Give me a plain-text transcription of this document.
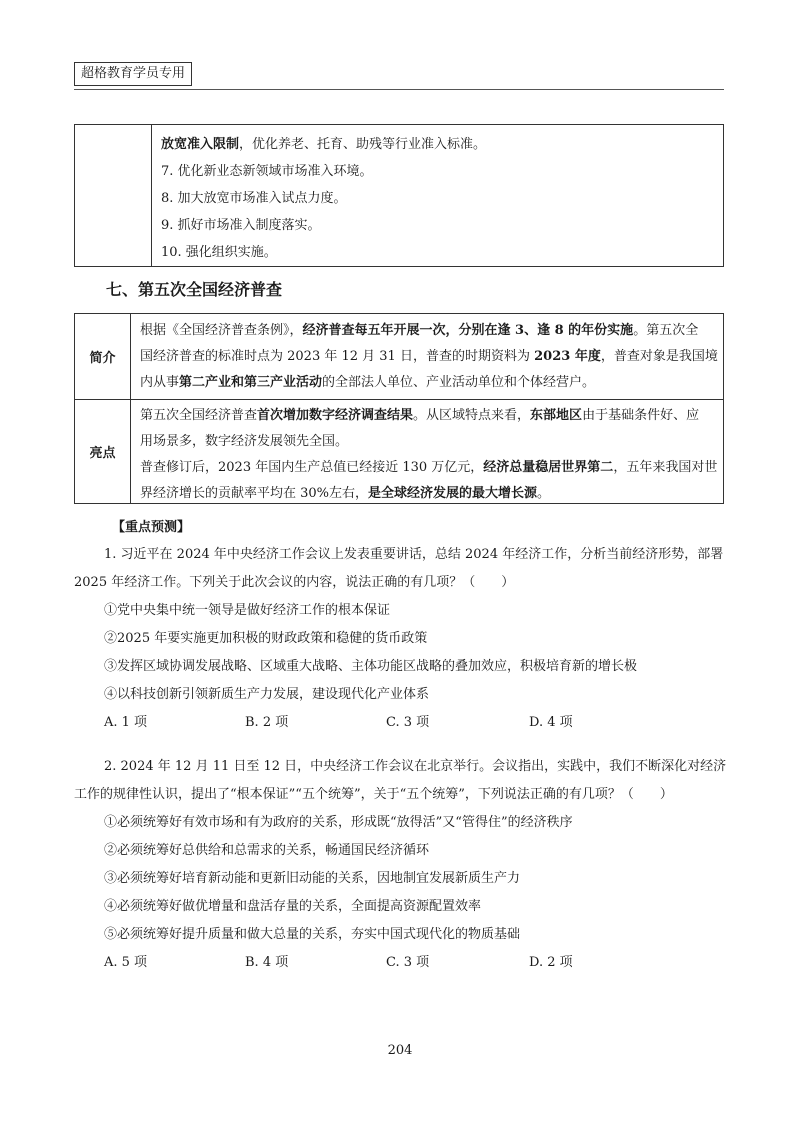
超格教育学员专用
放宽准入限制，优化养老、托育、助残等行业准入标准。
7. 优化新业态新领域市场准入环境。
8. 加大放宽市场准入试点力度。
9. 抓好市场准入制度落实。
10. 强化组织实施。
七、第五次全国经济普查
简介
根据《全国经济普查条例》，经济普查每五年开展一次，分别在逢 3、逢 8 的年份实施。第五次全
国经济普查的标准时点为 2023 年 12 月 31 日，普查的时期资料为 2023 年度，普查对象是我国境
内从事第二产业和第三产业活动的全部法人单位、产业活动单位和个体经营户。
亮点
第五次全国经济普查首次增加数字经济调查结果。从区域特点来看，东部地区由于基础条件好、应
用场景多，数字经济发展领先全国。
普查修订后，2023 年国内生产总值已经接近 130 万亿元，经济总量稳居世界第二，五年来我国对世
界经济增长的贡献率平均在 30%左右，是全球经济发展的最大增长源。
【重点预测】
1. 习近平在 2024 年中央经济工作会议上发表重要讲话，总结 2024 年经济工作，分析当前经济形势，部署
2025 年经济工作。下列关于此次会议的内容，说法正确的有几项？（　　）
①党中央集中统一领导是做好经济工作的根本保证
②2025 年要实施更加积极的财政政策和稳健的货币政策
③发挥区域协调发展战略、区域重大战略、主体功能区战略的叠加效应，积极培育新的增长极
④以科技创新引领新质生产力发展，建设现代化产业体系
A. 1 项	B. 2 项	C. 3 项	D. 4 项
2. 2024 年 12 月 11 日至 12 日，中央经济工作会议在北京举行。会议指出，实践中，我们不断深化对经济
工作的规律性认识，提出了“根本保证”“五个统筹”，关于“五个统筹”，下列说法正确的有几项？（　　）
①必须统筹好有效市场和有为政府的关系，形成既“放得活”又“管得住”的经济秩序
②必须统筹好总供给和总需求的关系，畅通国民经济循环
③必须统筹好培育新动能和更新旧动能的关系，因地制宜发展新质生产力
④必须统筹好做优增量和盘活存量的关系，全面提高资源配置效率
⑤必须统筹好提升质量和做大总量的关系，夯实中国式现代化的物质基础
A. 5 项	B. 4 项	C. 3 项	D. 2 项
204
